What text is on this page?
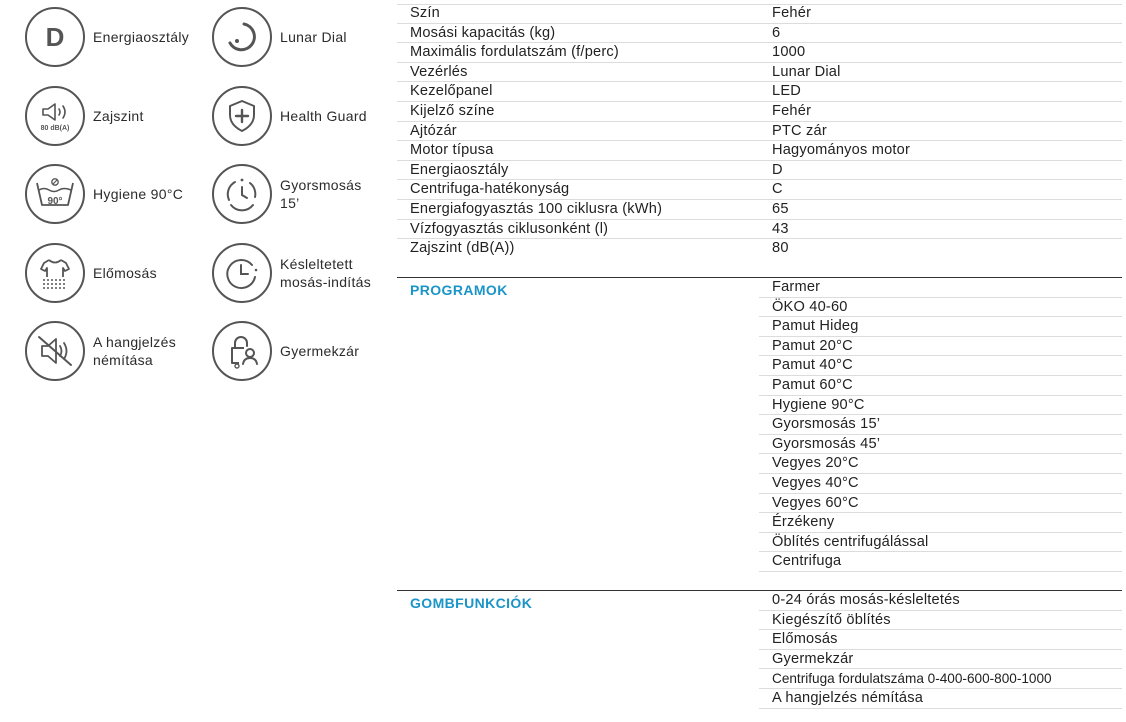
D Energiaosztály	Lunar Dial
80 dB(A)
Zajszint	Health Guard
90°	Hygiene 90°C
Gyorsmosás 15’
Előmosás
Késleltetett mosás-indítás
A hangjelzés némítása
Gyermekzár
Szín	Fehér
Mosási kapacitás (kg)	6
Maximális fordulatszám (f/perc)	1000
Vezérlés	Lunar Dial
Kezelőpanel	LED
Kijelző színe	Fehér
Ajtózár	PTC zár
Motor típusa	Hagyományos motor
Energiaosztály	D
Centrifuga-hatékonyság	C
Energiafogyasztás 100 ciklusra (kWh)	65
Vízfogyasztás ciklusonként (l)	43
Zajszint (dB(A))	80
PROGRAMOK	Farmer
ÖKO 40-60
Pamut Hideg
Pamut 20°C
Pamut 40°C
Pamut 60°C
Hygiene 90°C
Gyorsmosás 15’
Gyorsmosás 45’
Vegyes 20°C
Vegyes 40°C
Vegyes 60°C
Érzékeny
Öblítés centrifugálással
Centrifuga
GOMBFUNKCIÓK	0-24 órás mosás-késleltetés
Kiegészítő öblítés
Előmosás
Gyermekzár
Centrifuga fordulatszáma 0-400-600-800-1000
A hangjelzés némítása
